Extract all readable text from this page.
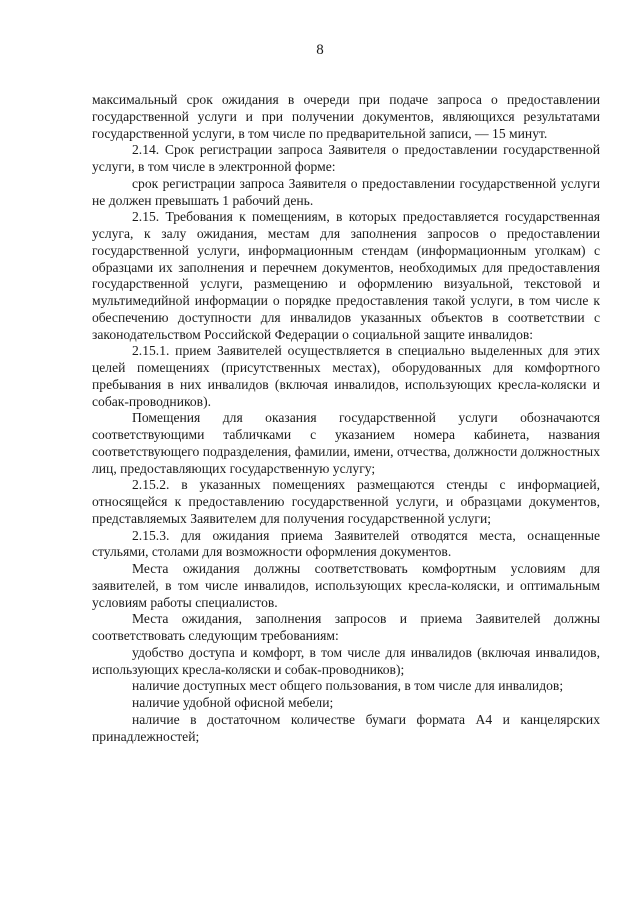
8

максимальный срок ожидания в очереди при подаче запроса о предоставлении государственной услуги и при получении документов, являющихся результатами государственной услуги, в том числе по предварительной записи, — 15 минут.

2.14. Срок регистрации запроса Заявителя о предоставлении государственной услуги, в том числе в электронной форме:

срок регистрации запроса Заявителя о предоставлении государственной услуги не должен превышать 1 рабочий день.

2.15. Требования к помещениям, в которых предоставляется государственная услуга, к залу ожидания, местам для заполнения запросов о предоставлении государственной услуги, информационным стендам (информационным уголкам) с образцами их заполнения и перечнем документов, необходимых для предоставления государственной услуги, размещению и оформлению визуальной, текстовой и мультимедийной информации о порядке предоставления такой услуги, в том числе к обеспечению доступности для инвалидов указанных объектов в соответствии с законодательством Российской Федерации о социальной защите инвалидов:

2.15.1. прием Заявителей осуществляется в специально выделенных для этих целей помещениях (присутственных местах), оборудованных для комфортного пребывания в них инвалидов (включая инвалидов, использующих кресла-коляски и собак-проводников).

Помещения для оказания государственной услуги обозначаются соответствующими табличками с указанием номера кабинета, названия соответствующего подразделения, фамилии, имени, отчества, должности должностных лиц, предоставляющих государственную услугу;

2.15.2. в указанных помещениях размещаются стенды с информацией, относящейся к предоставлению государственной услуги, и образцами документов, представляемых Заявителем для получения государственной услуги;

2.15.3. для ожидания приема Заявителей отводятся места, оснащенные стульями, столами для возможности оформления документов.

Места ожидания должны соответствовать комфортным условиям для заявителей, в том числе инвалидов, использующих кресла-коляски, и оптимальным условиям работы специалистов.

Места ожидания, заполнения запросов и приема Заявителей должны соответствовать следующим требованиям:

удобство доступа и комфорт, в том числе для инвалидов (включая инвалидов, использующих кресла-коляски и собак-проводников);

наличие доступных мест общего пользования, в том числе для инвалидов;

наличие удобной офисной мебели;

наличие в достаточном количестве бумаги формата А4 и канцелярских принадлежностей;
